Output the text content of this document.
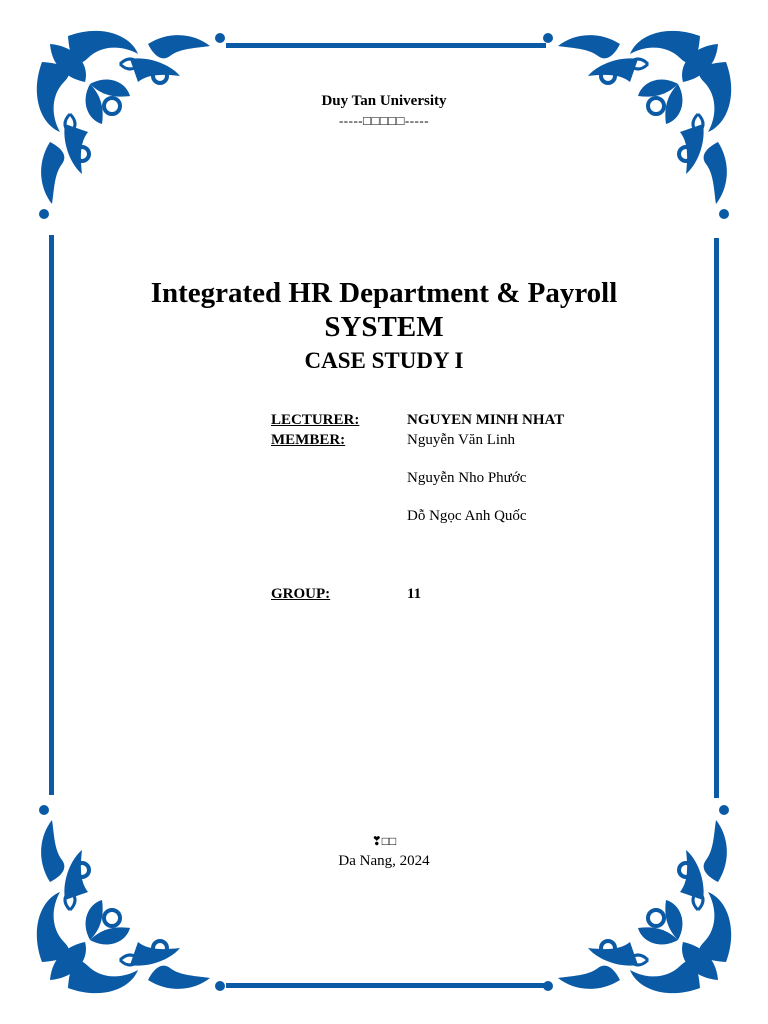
Duy Tan University
-----□□□□□-----
Integrated HR Department & Payroll
SYSTEM
CASE STUDY I
LECTURER:	NGUYEN MINH NHAT
MEMBER:	Nguyễn Văn Linh
Nguyễn Nho Phước
Dỗ Ngọc Anh Quốc
GROUP:	11
❣□□
Da Nang, 2024
